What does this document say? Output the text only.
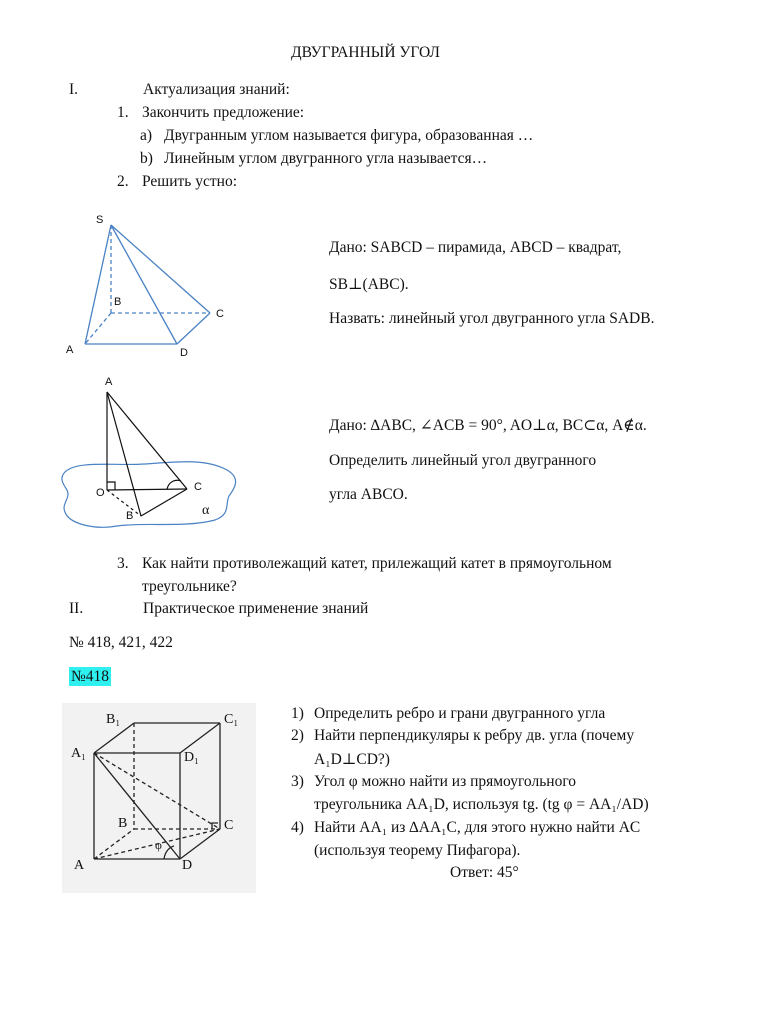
ДВУГРАННЫЙ УГОЛ
I.	Актуализация знаний:
1. Закончить предложение:
a) Двугранным углом называется фигура, образованная …
b) Линейным углом двугранного угла называется…
2. Решить устно:
S
B
C
A	D
Дано: SABCD – пирамида, ABCD – квадрат,
SB⊥(ABC).
Назвать: линейный угол двугранного угла SADB.
A
O	C
B	α
Дано: ∆ABC, ∠ACB = 90°, AO⊥α, BC⊂α, A∉α.
Определить линейный угол двугранного
угла ABCO.
3. Как найти противолежащий катет, прилежащий катет в прямоугольном
треугольнике?
II.	Практическое применение знаний
№ 418, 421, 422
№418
B₁	C₁
A₁	D₁
B	C
A	D
φ
1) Определить ребро и грани двугранного угла
2) Найти перпендикуляры к ребру дв. угла (почему
A₁D⊥CD?)
3) Угол φ можно найти из прямоугольного
треугольника AA₁D, используя tg. (tg φ = AA₁/AD)
4) Найти AA₁ из ∆AA₁C, для этого нужно найти AC
(используя теорему Пифагора).
Ответ: 45°
